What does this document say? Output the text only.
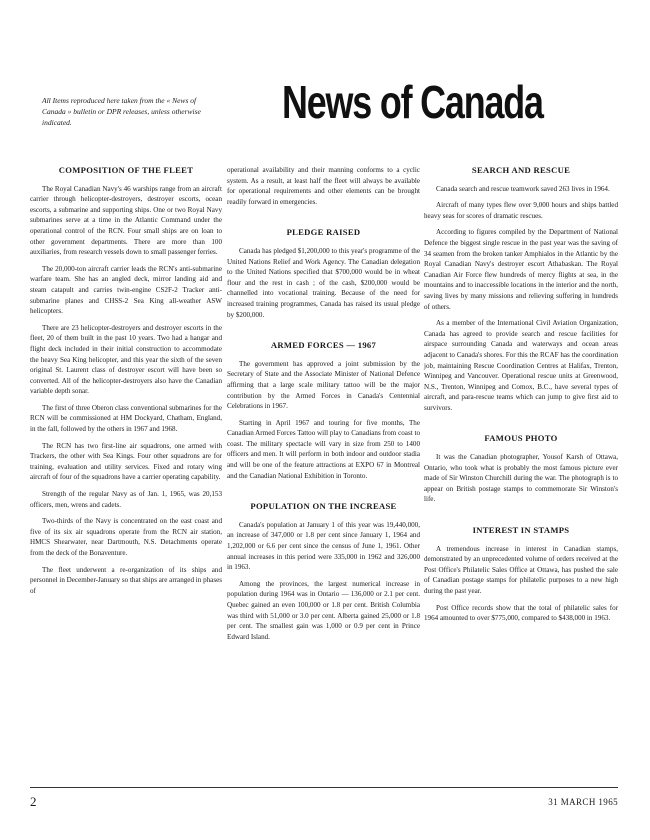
All Items reproduced here taken from the « News of Canada » bulletin or DPR releases, unless otherwise indicated.	News of Canada
COMPOSITION OF THE FLEET

The Royal Canadian Navy's 46 warships range from an aircraft carrier through helicopter-destroyers, destroyer escorts, ocean escorts, a submarine and supporting ships. One or two Royal Navy submarines serve at a time in the Atlantic Command under the operational control of the RCN. Four small ships are on loan to other government departments. There are more than 100 auxiliaries, from research vessels down to small passenger ferries.

The 20,000-ton aircraft carrier leads the RCN's anti-submarine warfare team. She has an angled deck, mirror landing aid and steam catapult and carries twin-engine CS2F-2 Tracker anti-submarine planes and CHSS-2 Sea King all-weather ASW helicopters.

There are 23 helicopter-destroyers and destroyer escorts in the fleet, 20 of them built in the past 10 years. Two had a hangar and flight deck included in their initial construction to accommodate the heavy Sea King helicopter, and this year the sixth of the seven original St. Laurent class of destroyer escort will have been so converted. All of the helicopter-destroyers also have the Canadian variable depth sonar.

The first of three Oberon class conventional submarines for the RCN will be commissioned at HM Dockyard, Chatham, England, in the fall, followed by the others in 1967 and 1968.

The RCN has two first-line air squadrons, one armed with Trackers, the other with Sea Kings. Four other squadrons are for training, evaluation and utility services. Fixed and rotary wing aircraft of four of the squadrons have a carrier operating capability.

Strength of the regular Navy as of Jan. 1, 1965, was 20,153 officers, men, wrens and cadets.

Two-thirds of the Navy is concentrated on the east coast and five of its six air squadrons operate from the RCN air station, HMCS Shearwater, near Dartmouth, N.S. Detachments operate from the deck of the Bonaventure.

The fleet underwent a re-organization of its ships and personnel in December-January so that ships are arranged in phases of

operational availability and their manning conforms to a cyclic system. As a result, at least half the fleet will always be available for operational requirements and other elements can be brought readily forward in emergencies.

PLEDGE RAISED

Canada has pledged $1,200,000 to this year's programme of the United Nations Relief and Work Agency. The Canadian delegation to the United Nations specified that $700,000 would be in wheat flour and the rest in cash ; of the cash, $200,000 would be channelled into vocational training. Because of the need for increased training programmes, Canada has raised its usual pledge by $200,000.

ARMED FORCES — 1967

The government has approved a joint submission by the Secretary of State and the Associate Minister of National Defence affirming that a large scale military tattoo will be the major contribution by the Armed Forces in Canada's Centennial Celebrations in 1967.

Starting in April 1967 and touring for five months, The Canadian Armed Forces Tattoo will play to Canadians from coast to coast. The military spectacle will vary in size from 250 to 1400 officers and men. It will perform in both indoor and outdoor stadia and will be one of the feature attractions at EXPO 67 in Montreal and the Canadian National Exhibition in Toronto.

POPULATION ON THE INCREASE

Canada's population at January 1 of this year was 19,440,000, an increase of 347,000 or 1.8 per cent since January 1, 1964 and 1,202,000 or 6.6 per cent since the census of June 1, 1961. Other annual increases in this period were 335,000 in 1962 and 326,000 in 1963.

Among the provinces, the largest numerical increase in population during 1964 was in Ontario — 136,000 or 2.1 per cent. Quebec gained an even 100,000 or 1.8 per cent. British Columbia was third with 51,000 or 3.0 per cent. Alberta gained 25,000 or 1.8 per cent. The smallest gain was 1,000 or 0.9 per cent in Prince Edward Island.

SEARCH AND RESCUE

Canada search and rescue teamwork saved 263 lives in 1964.

Aircraft of many types flew over 9,000 hours and ships battled heavy seas for scores of dramatic rescues.

According to figures compiled by the Department of National Defence the biggest single rescue in the past year was the saving of 34 seamen from the broken tanker Amphialos in the Atlantic by the Royal Canadian Navy's destroyer escort Athabaskan. The Royal Canadian Air Force flew hundreds of mercy flights at sea, in the mountains and to inaccessible locations in the interior and the north, saving lives by many missions and relieving suffering in hundreds of others.

As a member of the International Civil Aviation Organization, Canada has agreed to provide search and rescue facilities for airspace surrounding Canada and waterways and ocean areas adjacent to Canada's shores. For this the RCAF has the coordination job, maintaining Rescue Coordination Centres at Halifax, Trenton, Winnipeg and Vancouver. Operational rescue units at Greenwood, N.S., Trenton, Winnipeg and Comox, B.C., have several types of aircraft, and para-rescue teams which can jump to give first aid to survivors.

FAMOUS PHOTO

It was the Canadian photographer, Yousof Karsh of Ottawa, Ontario, who took what is probably the most famous picture ever made of Sir Winston Churchill during the war. The photograph is to appear on British postage stamps to commemorate Sir Winston's life.

INTEREST IN STAMPS

A tremendous increase in interest in Canadian stamps, demonstrated by an unprecedented volume of orders received at the Post Office's Philatelic Sales Office at Ottawa, has pushed the sale of Canadian postage stamps for philatelic purposes to a new high during the past year.

Post Office records show that the total of philatelic sales for 1964 amounted to over $775,000, compared to $438,000 in 1963.

2	31 MARCH 1965
